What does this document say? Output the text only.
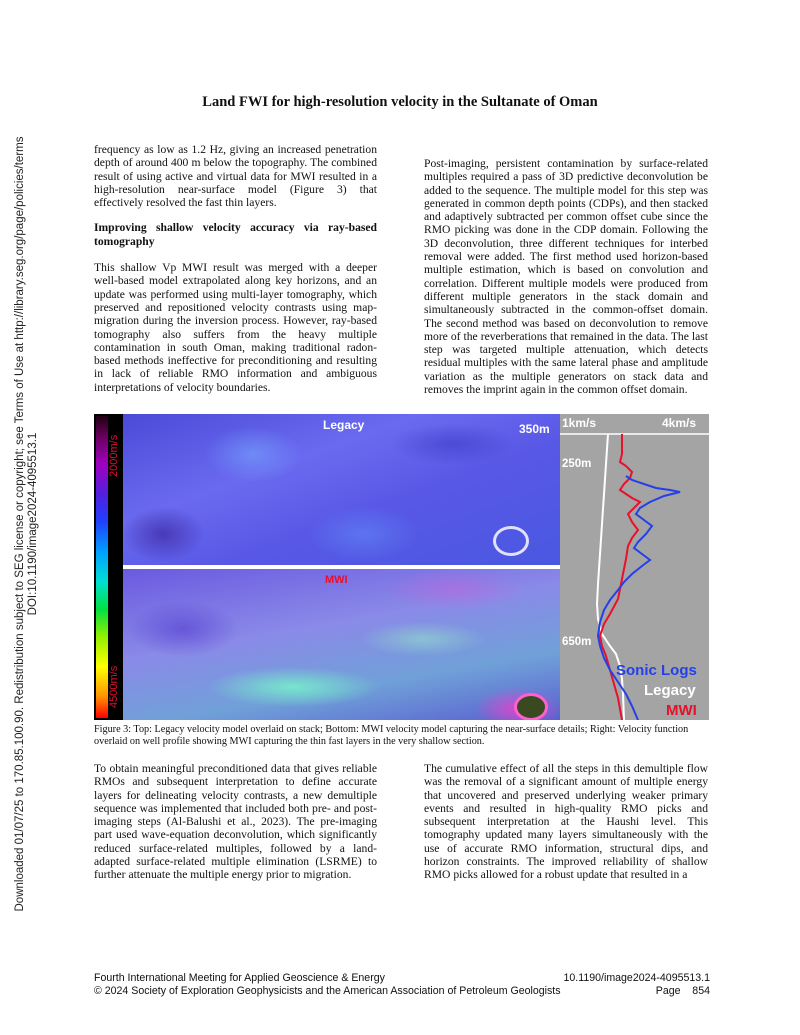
Downloaded 01/07/25 to 170.85.100.90. Redistribution subject to SEG license or copyright; see Terms of Use at http://library.seg.org/page/policies/terms DOI:10.1190/image2024-4095513.1
Land FWI for high-resolution velocity in the Sultanate of Oman

frequency as low as 1.2 Hz, giving an increased penetration depth of around 400 m below the topography. The combined result of using active and virtual data for MWI resulted in a high-resolution near-surface model (Figure 3) that effectively resolved the fast thin layers.

Improving shallow velocity accuracy via ray-based tomography

This shallow Vp MWI result was merged with a deeper well-based model extrapolated along key horizons, and an update was performed using multi-layer tomography, which preserved and repositioned velocity contrasts using map-migration during the inversion process. However, ray-based tomography also suffers from the heavy multiple contamination in south Oman, making traditional radon-based methods ineffective for preconditioning and resulting in lack of reliable RMO information and ambiguous interpretations of velocity boundaries.

Post-imaging, persistent contamination by surface-related multiples required a pass of 3D predictive deconvolution be added to the sequence. The multiple model for this step was generated in common depth points (CDPs), and then stacked and adaptively subtracted per common offset cube since the RMO picking was done in the CDP domain. Following the 3D deconvolution, three different techniques for interbed removal were added. The first method used horizon-based multiple estimation, which is based on convolution and correlation. Different multiple models were produced from different multiple generators in the stack domain and simultaneously subtracted in the common-offset domain. The second method was based on deconvolution to remove more of the reverberations that remained in the data. The last step was targeted multiple attenuation, which detects residual multiples with the same lateral phase and amplitude variation as the multiple generators on stack data and removes the imprint again in the common offset domain.

2000m/s
4500m/s
Legacy	350m
MWI
1km/s	4km/s
250m
650m
Sonic Logs
Legacy
MWI
Figure 3: Top: Legacy velocity model overlaid on stack; Bottom: MWI velocity model capturing the near-surface details; Right: Velocity function overlaid on well profile showing MWI capturing the thin fast layers in the very shallow section.

To obtain meaningful preconditioned data that gives reliable RMOs and subsequent interpretation to define accurate layers for delineating velocity contrasts, a new demultiple sequence was implemented that included both pre- and post-imaging steps (Al-Balushi et al., 2023). The pre-imaging part used wave-equation deconvolution, which significantly reduced surface-related multiples, followed by a land-adapted surface-related multiple elimination (LSRME) to further attenuate the multiple energy prior to migration.

The cumulative effect of all the steps in this demultiple flow was the removal of a significant amount of multiple energy that uncovered and preserved underlying weaker primary events and resulted in high-quality RMO picks and subsequent interpretation at the Haushi level. This tomography updated many layers simultaneously with the use of accurate RMO information, structural dips, and horizon constraints. The improved reliability of shallow RMO picks allowed for a robust update that resulted in a

Fourth International Meeting for Applied Geoscience & Energy
© 2024 Society of Exploration Geophysicists and the American Association of Petroleum Geologists
10.1190/image2024-4095513.1
Page    854
